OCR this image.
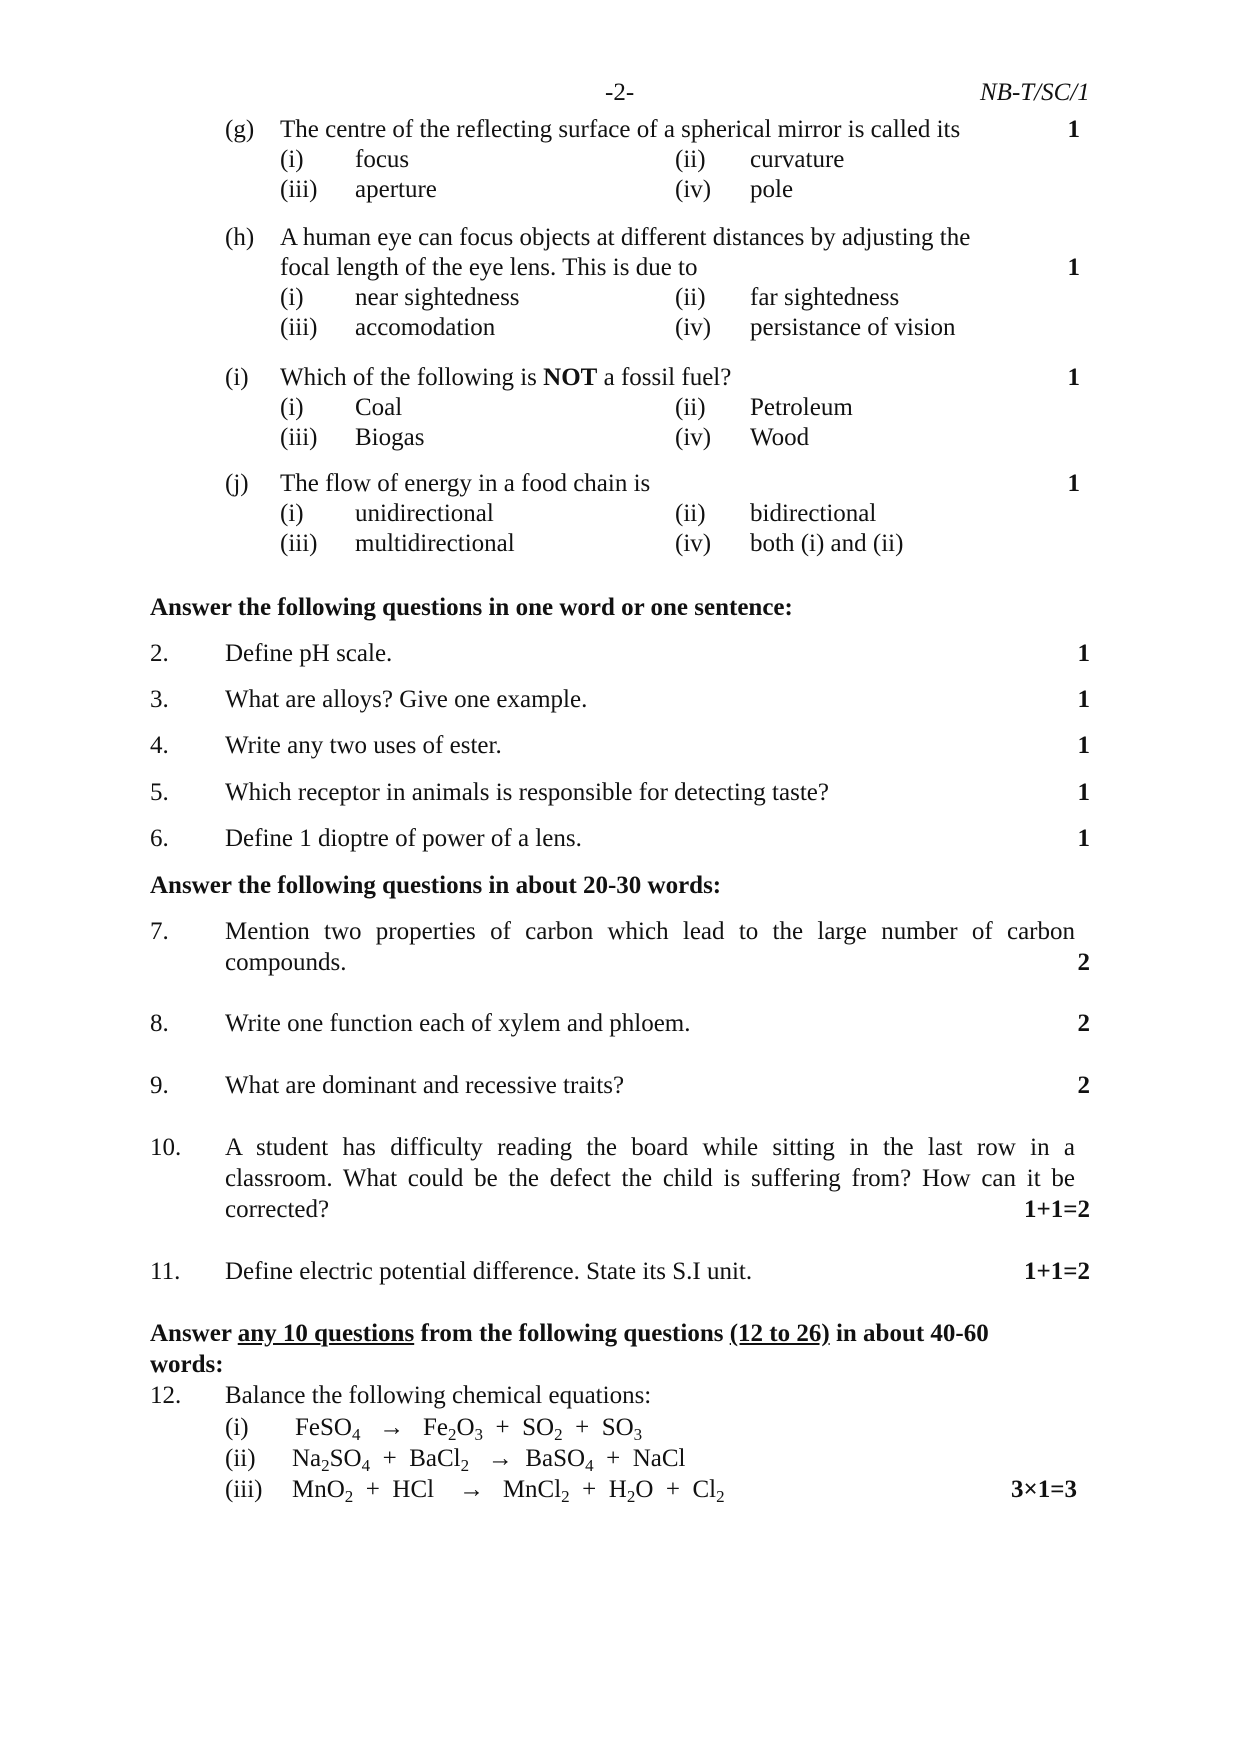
-2-	NB-T/SC/1
(g) The centre of the reflecting surface of a spherical mirror is called its	1
(i) focus	(ii) curvature
(iii) aperture	(iv) pole
(h) A human eye can focus objects at different distances by adjusting the
focal length of the eye lens. This is due to	1
(i) near sightedness	(ii) far sightedness
(iii) accomodation	(iv) persistance of vision
(i) Which of the following is NOT a fossil fuel?	1
(i) Coal	(ii) Petroleum
(iii) Biogas	(iv) Wood
(j) The flow of energy in a food chain is	1
(i) unidirectional	(ii) bidirectional
(iii) multidirectional	(iv) both (i) and (ii)
Answer the following questions in one word or one sentence:
2. Define pH scale.	1
3. What are alloys? Give one example.	1
4. Write any two uses of ester.	1
5. Which receptor in animals is responsible for detecting taste?	1
6. Define 1 dioptre of power of a lens.	1
Answer the following questions in about 20-30 words:
7. Mention two properties of carbon which lead to the large number of carbon compounds.	2
8. Write one function each of xylem and phloem.	2
9. What are dominant and recessive traits?	2
10. A student has difficulty reading the board while sitting in the last row in a classroom. What could be the defect the child is suffering from? How can it be corrected?	1+1=2
11. Define electric potential difference. State its S.I unit.	1+1=2
Answer any 10 questions from the following questions (12 to 26) in about 40-60
words:
12. Balance the following chemical equations:
(i) FeSO$_4$   →   $Fe_2O_3 + SO_2 + SO_3$
(ii) $Na_2SO_4$  +  BaCl$_2$   →  BaSO$_4$  +  NaCl
(iii) MnO$_2$  +  HCl    →   MnCl$_2$  +  $H_2O + Cl_2$	3×1=3
